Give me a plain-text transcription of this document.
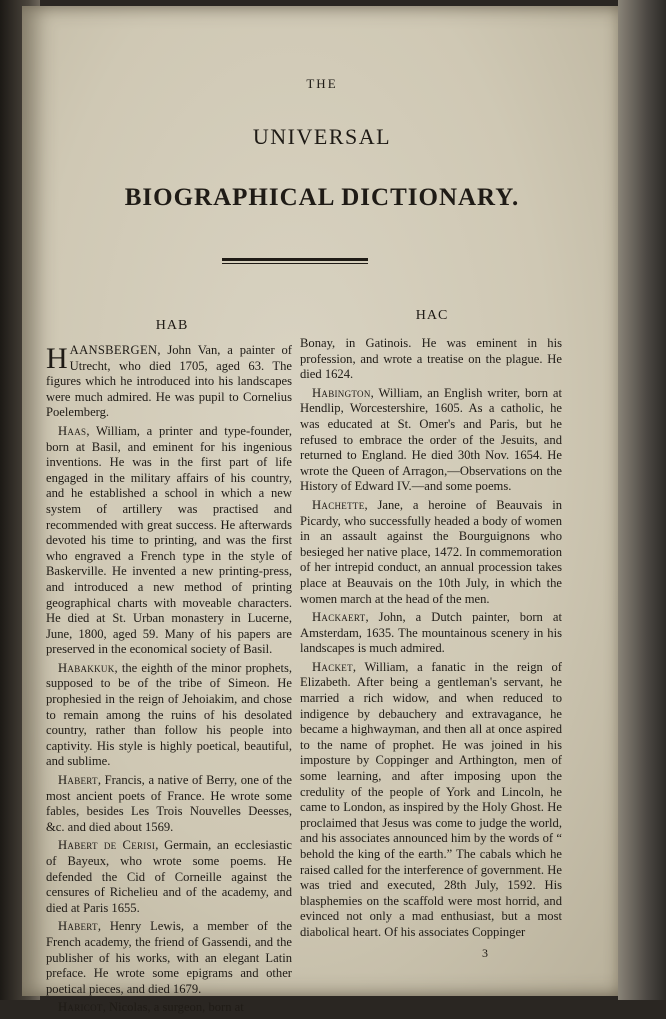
THE
UNIVERSAL
BIOGRAPHICAL DICTIONARY.
HAB
HAC

HAANSBERGEN, John Van, a painter of Utrecht, who died 1705, aged 63. The figures which he introduced into his landscapes were much admired. He was pupil to Cornelius Poelemberg.

Haas, William, a printer and type-founder, born at Basil, and eminent for his ingenious inventions. He was in the first part of life engaged in the military affairs of his country, and he established a school in which a new system of artillery was practised and recommended with great success. He afterwards devoted his time to printing, and was the first who engraved a French type in the style of Baskerville. He invented a new printing-press, and introduced a new method of printing geographical charts with moveable characters. He died at St. Urban monastery in Lucerne, June, 1800, aged 59. Many of his papers are preserved in the economical society of Basil.

Habakkuk, the eighth of the minor prophets, supposed to be of the tribe of Simeon. He prophesied in the reign of Jehoiakim, and chose to remain among the ruins of his desolated country, rather than follow his people into captivity. His style is highly poetical, beautiful, and sublime.

Habert, Francis, a native of Berry, one of the most ancient poets of France. He wrote some fables, besides Les Trois Nouvelles Deesses, &c. and died about 1569.

Habert de Cerisi, Germain, an ecclesiastic of Bayeux, who wrote some poems. He defended the Cid of Corneille against the censures of Richelieu and of the academy, and died at Paris 1655.

Habert, Henry Lewis, a member of the French academy, the friend of Gassendi, and the publisher of his works, with an elegant Latin preface. He wrote some epigrams and other poetical pieces, and died 1679.

Haricot, Nicolas, a surgeon, born at

Bonay, in Gatinois. He was eminent in his profession, and wrote a treatise on the plague. He died 1624.

Habington, William, an English writer, born at Hendlip, Worcestershire, 1605. As a catholic, he was educated at St. Omer's and Paris, but he refused to embrace the order of the Jesuits, and returned to England. He died 30th Nov. 1654. He wrote the Queen of Arragon,—Observations on the History of Edward IV.—and some poems.

Hachette, Jane, a heroine of Beauvais in Picardy, who successfully headed a body of women in an assault against the Bourguignons who besieged her native place, 1472. In commemoration of her intrepid conduct, an annual procession takes place at Beauvais on the 10th July, in which the women march at the head of the men.

Hackaert, John, a Dutch painter, born at Amsterdam, 1635. The mountainous scenery in his landscapes is much admired.

Hacket, William, a fanatic in the reign of Elizabeth. After being a gentleman's servant, he married a rich widow, and when reduced to indigence by debauchery and extravagance, he became a highwayman, and then all at once aspired to the name of prophet. He was joined in his imposture by Coppinger and Arthington, men of some learning, and after imposing upon the credulity of the people of York and Lincoln, he came to London, as inspired by the Holy Ghost. He proclaimed that Jesus was come to judge the world, and his associates announced him by the words of “ behold the king of the earth.” The cabals which he raised called for the interference of government. He was tried and executed, 28th July, 1592. His blasphemies on the scaffold were most horrid, and evinced not only a mad enthusiast, but a most diabolical heart. Of his associates Coppinger

3
